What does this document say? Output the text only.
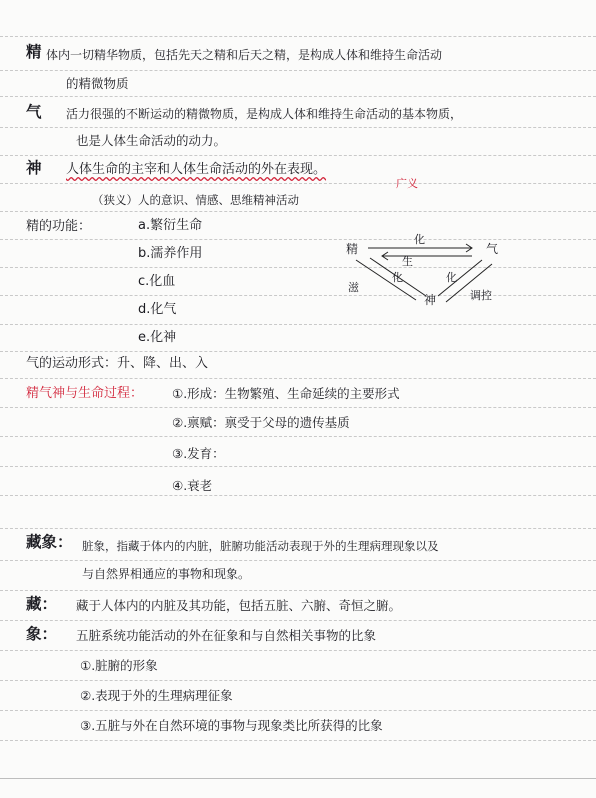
精 体内一切精华物质，包括先天之精和后天之精，是构成人体和维持生命活动
的精微物质
气 活力很强的不断运动的精微物质，是构成人体和维持生命活动的基本物质，
也是人体生命活动的动力。
神 人体生命的主宰和人体生命活动的外在表现。
广义
（狭义）人的意识、情感、思维精神活动
精的功能：	a.繁衍生命
b.濡养作用
c.化血
d.化气
e.化神
精	气
神
化
生
滋
化	化
调控
气的运动形式：升、降、出、入
精气神与生命过程： ①.形成：生物繁殖、生命延续的主要形式
②.禀赋：禀受于父母的遗传基质
③.发育：
④.衰老
藏象： 脏象，指藏于体内的内脏，脏腑功能活动表现于外的生理病理现象以及
与自然界相通应的事物和现象。
藏： 藏于人体内的内脏及其功能，包括五脏、六腑、奇恒之腑。
象： 五脏系统功能活动的外在征象和与自然相关事物的比象
①.脏腑的形象
②.表现于外的生理病理征象
③.五脏与外在自然环境的事物与现象类比所获得的比象
